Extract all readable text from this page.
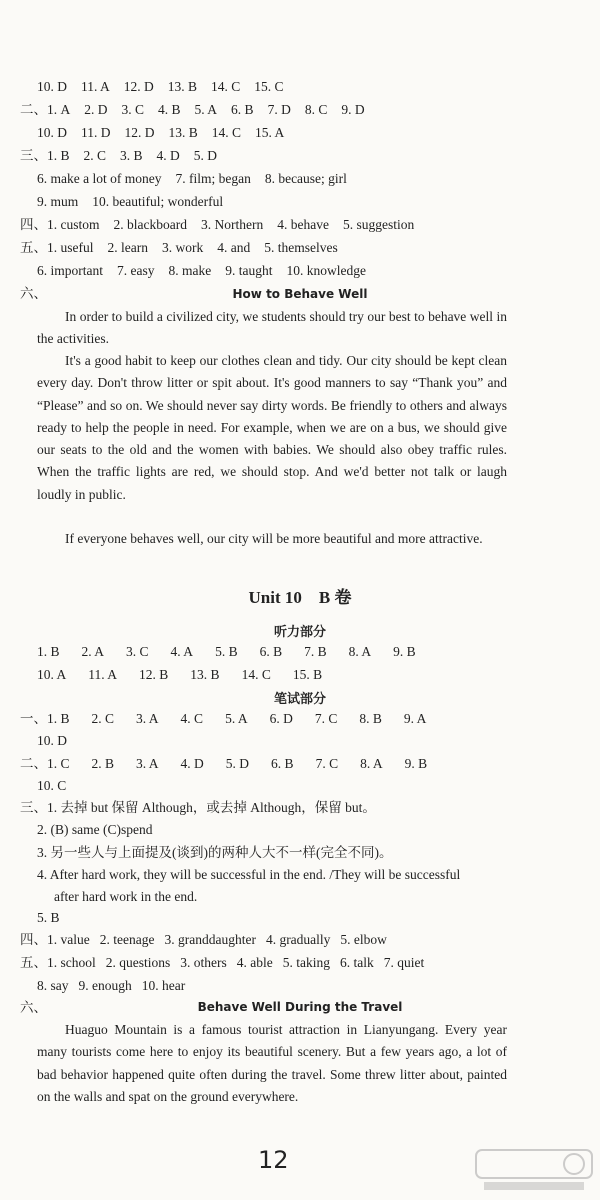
10. D 11. A 12. D 13. B 14. C 15. C
二、1. A 2. D 3. C 4. B 5. A 6. B 7. D 8. C 9. D
10. D 11. D 12. D 13. B 14. C 15. A
三、1. B 2. C 3. B 4. D 5. D
6. make a lot of money 7. film; began 8. because; girl
9. mum 10. beautiful; wonderful
四、1. custom 2. blackboard 3. Northern 4. behave 5. suggestion
五、1. useful 2. learn 3. work 4. and 5. themselves
6. important 7. easy 8. make 9. taught 10. knowledge
六、	How to Behave Well
In order to build a civilized city, we students should try our best to behave well in the activities.
It's a good habit to keep our clothes clean and tidy. Our city should be kept clean every day. Don't throw litter or spit about. It's good manners to say “Thank you” and “Please” and so on. We should never say dirty words. Be friendly to others and always ready to help the people in need. For example, when we are on a bus, we should give our seats to the old and the women with babies. We should also obey traffic rules. When the traffic lights are red, we should stop. And we'd better not talk or laugh loudly in public.
If everyone behaves well, our city will be more beautiful and more attractive.
Unit 10　B 卷
听力部分
1. B 2. A 3. C 4. A 5. B 6. B 7. B 8. A 9. B
10. A 11. A 12. B 13. B 14. C 15. B
笔试部分
一、1. B 2. C 3. A 4. C 5. A 6. D 7. C 8. B 9. A
10. D
二、1. C 2. B 3. A 4. D 5. D 6. B 7. C 8. A 9. B
10. C
三、1. 去掉 but 保留 Although，或去掉 Although，保留 but。
2. (B) same (C)spend
3. 另一些人与上面提及(谈到)的两种人大不一样(完全不同)。
4. After hard work, they will be successful in the end. /They will be successful
after hard work in the end.
5. B
四、1. value 2. teenage 3. granddaughter 4. gradually 5. elbow
五、1. school 2. questions 3. others 4. able 5. taking 6. talk 7. quiet
8. say 9. enough 10. hear
六、	Behave Well During the Travel
Huaguo Mountain is a famous tourist attraction in Lianyungang. Every year many tourists come here to enjoy its beautiful scenery. But a few years ago, a lot of bad behavior happened quite often during the travel. Some threw litter about, painted on the walls and spat on the ground everywhere.
12
